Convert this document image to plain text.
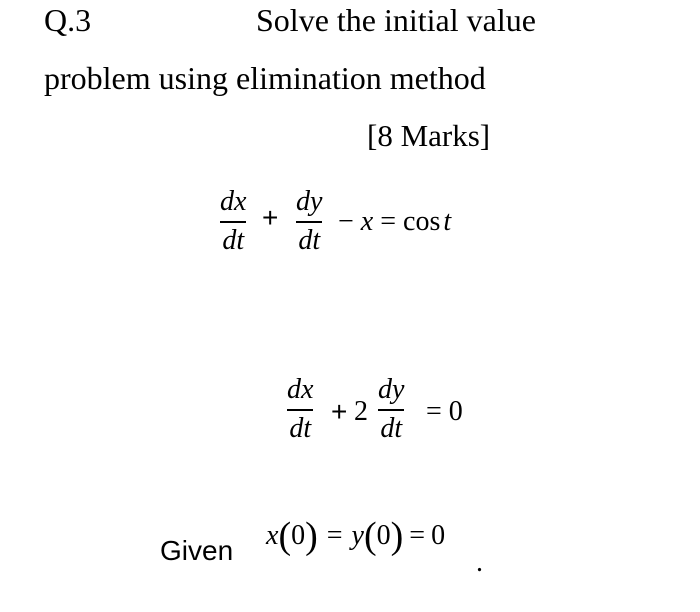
Q.3	Solve the initial value
problem using elimination method
[8 Marks]
dx
dt
+
dy
dt
− x = cos t
dx
dt
+ 2
dy
dt
= 0
Given x ( 0 ) = y ( 0 ) = 0
.
